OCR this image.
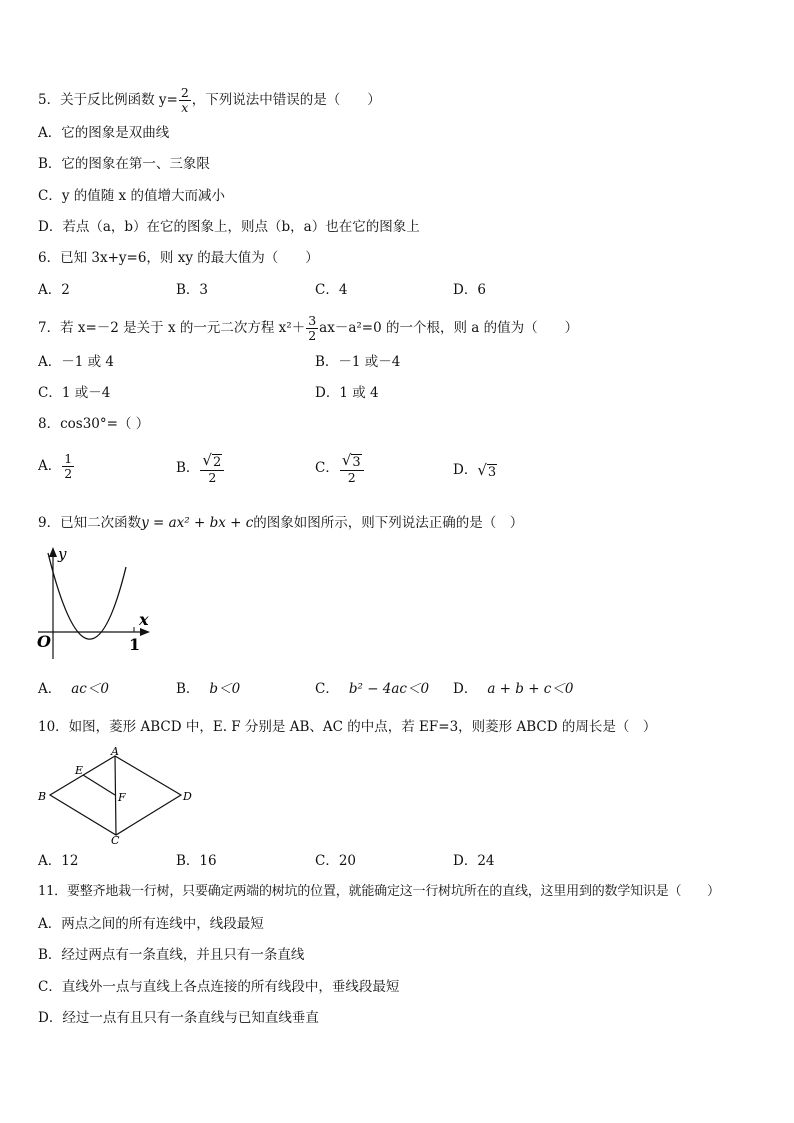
5．关于反比例函数 $y= \frac{2}{x}$ ，下列说法中错误的是（　　）
A．它的图象是双曲线
B．它的图象在第一、三象限
C．y 的值随 x 的值增大而减小
D．若点（a，b）在它的图象上，则点（b，a）也在它的图象上
6．已知 3x+y=6，则 xy 的最大值为（　　）
A．2	B．3	C．4	D．6
7．若 x=－2 是关于 x 的一元二次方程 $x^2+ \frac{3}{2} ax-a^2=0$ 的一个根，则 a 的值为（　　）
A．－1 或 4	B．－1 或－4
C．1 或－4	D．1 或 4
8．cos30°=（ ）
A． $\frac{1}{2}$	B． $\frac{√ 2}{2}$	C． $\frac{√ 3}{2}$	D． √ 3
9．已知二次函数y = ax² + bx + c的图象如图所示，则下列说法正确的是（　）
y
x
O	1
A． ac＜0	B． b＜0	C． b² − 4ac＜0 D． a + b + c＜0
10．如图，菱形 ABCD 中，E. F 分别是 AB、AC 的中点，若 EF=3，则菱形 ABCD 的周长是（　）
A
B
C
D
E
F
A．12	B．16	C．20	D．24
11．要整齐地栽一行树，只要确定两端的树坑的位置，就能确定这一行树坑所在的直线，这里用到的数学知识是（　　）
A．两点之间的所有连线中，线段最短
B．经过两点有一条直线，并且只有一条直线
C．直线外一点与直线上各点连接的所有线段中，垂线段最短
D．经过一点有且只有一条直线与已知直线垂直
